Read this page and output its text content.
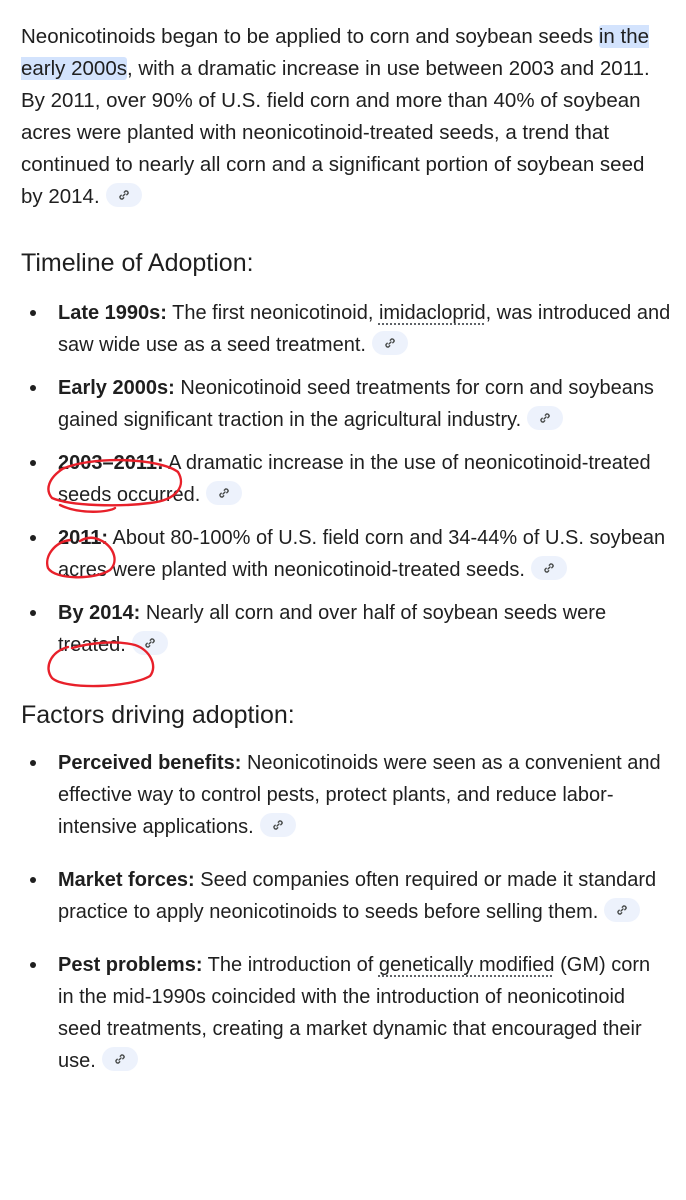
Neonicotinoids began to be applied to corn and soybean seeds in the early 2000s, with a dramatic increase in use between 2003 and 2011. By 2011, over 90% of U.S. field corn and more than 40% of soybean acres were planted with neonicotinoid-treated seeds, a trend that continued to nearly all corn and a significant portion of soybean seed by 2014.

Timeline of Adoption:
Late 1990s: The first neonicotinoid, imidacloprid, was introduced and saw wide use as a seed treatment.
Early 2000s: Neonicotinoid seed treatments for corn and soybeans gained significant traction in the agricultural industry.
2003–2011: A dramatic increase in the use of neonicotinoid-treated seeds occurred.
2011: About 80-100% of U.S. field corn and 34-44% of U.S. soybean acres were planted with neonicotinoid-treated seeds.
By 2014: Nearly all corn and over half of soybean seeds were treated.
Factors driving adoption:
Perceived benefits: Neonicotinoids were seen as a convenient and effective way to control pests, protect plants, and reduce labor-intensive applications.
Market forces: Seed companies often required or made it standard practice to apply neonicotinoids to seeds before selling them.
Pest problems: The introduction of genetically modified (GM) corn in the mid-1990s coincided with the introduction of neonicotinoid seed treatments, creating a market dynamic that encouraged their use.
